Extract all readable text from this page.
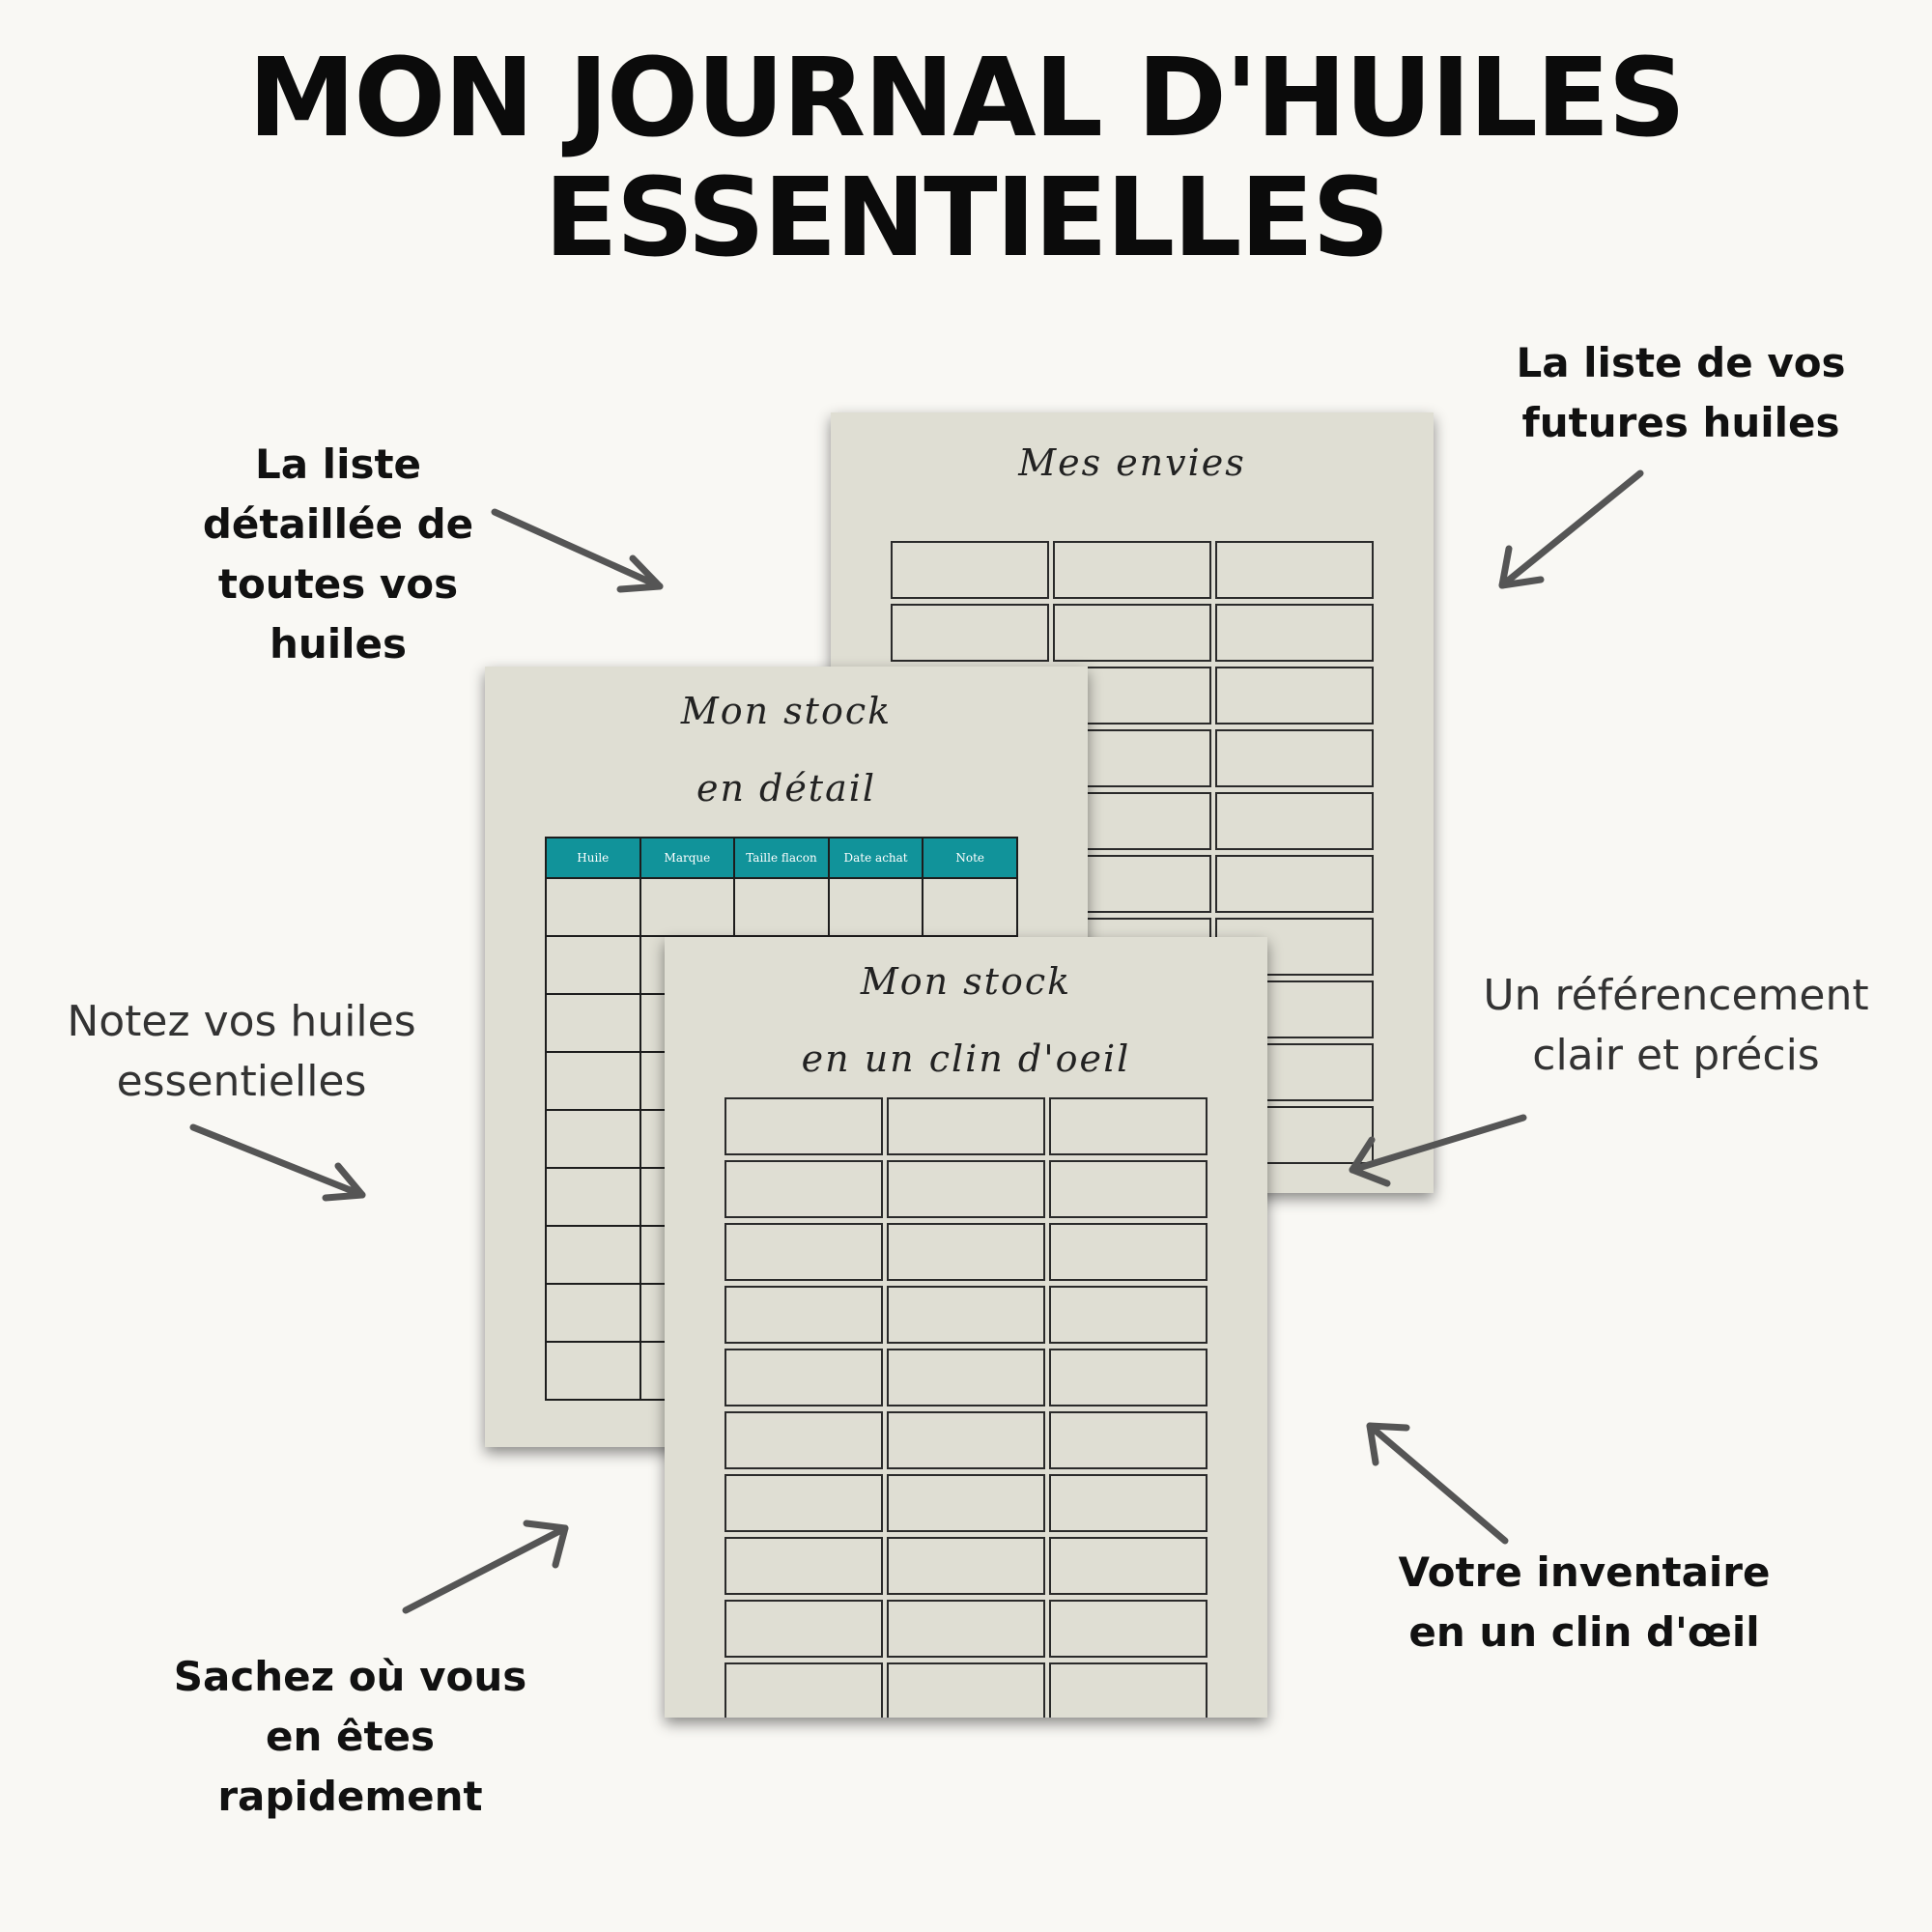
MON JOURNAL D'HUILES
ESSENTIELLES
Mes envies
Mon stock
en détail
Huile	Marque	Taille flacon	Date achat	Note

Mon stock
en un clin d'oeil
La liste
détaillée de
toutes vos
huiles
La liste de vos
futures huiles
Notez vos huiles
essentielles
Un référencement
clair et précis
Sachez où vous
en êtes
rapidement
Votre inventaire
en un clin d'œil
